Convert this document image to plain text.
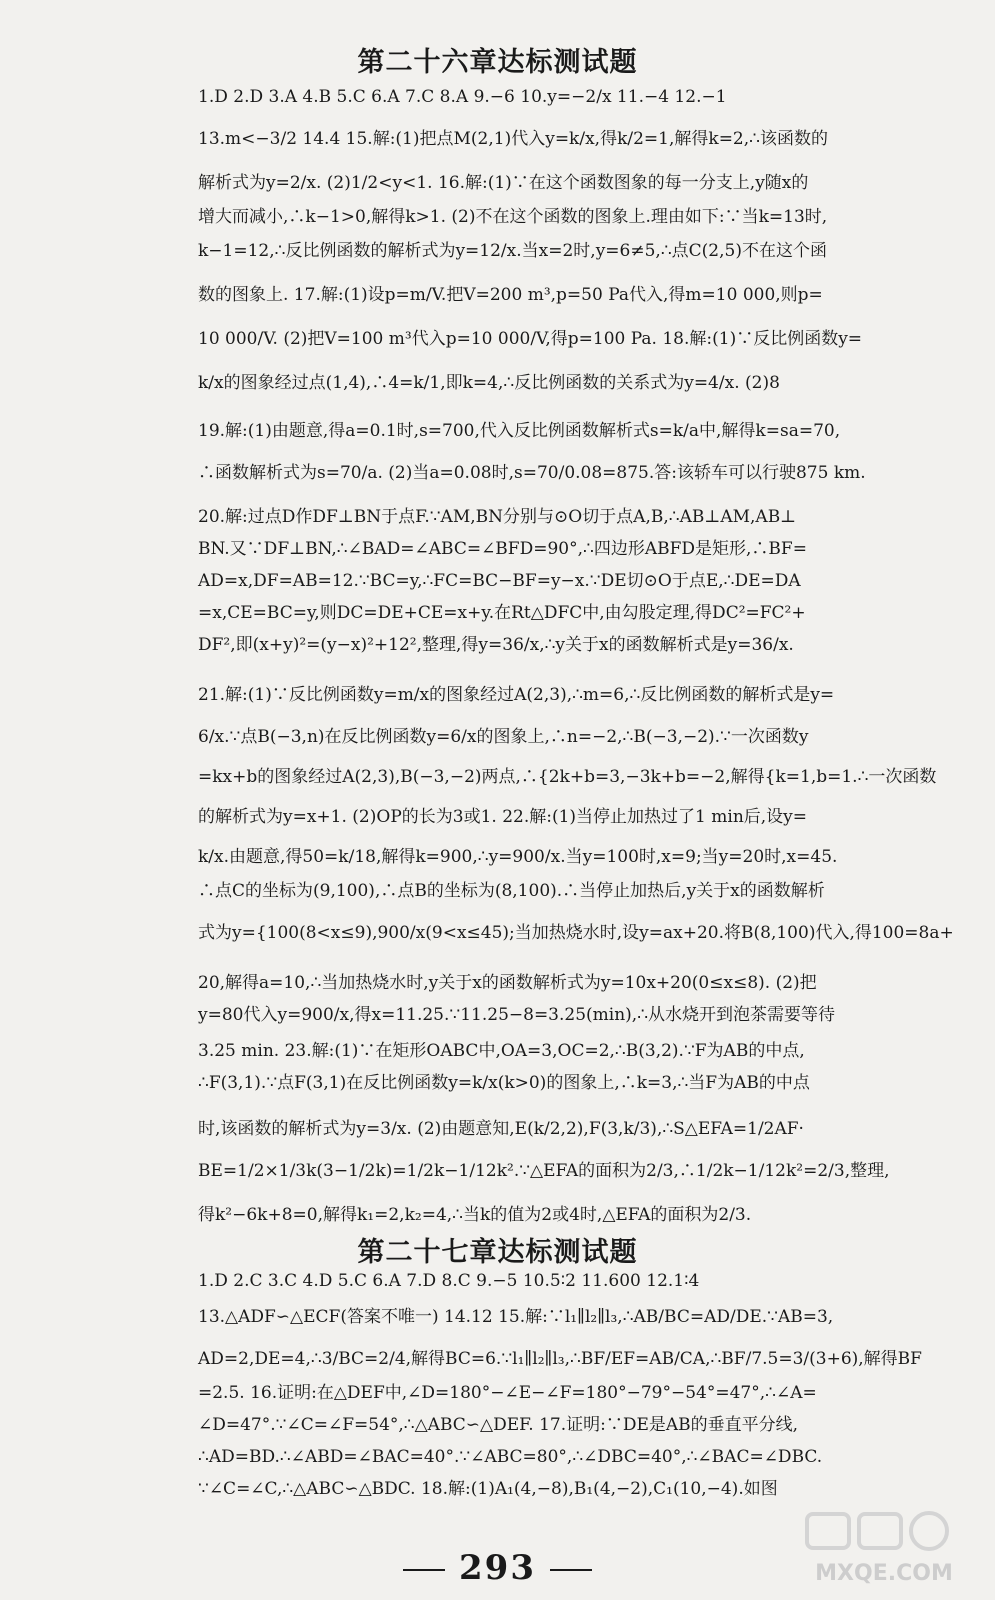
第二十六章达标测试题
1.D 2.D 3.A 4.B 5.C 6.A 7.C 8.A 9.−6 10.y=−2/x 11.−4 12.−1
13.m<−3/2 14.4 15.解:(1)把点M(2,1)代入y=k/x,得k/2=1,解得k=2,∴该函数的
解析式为y=2/x. (2)1/2<y<1. 16.解:(1)∵在这个函数图象的每一分支上,y随x的
增大而减小,∴k−1>0,解得k>1. (2)不在这个函数的图象上.理由如下:∵当k=13时,
k−1=12,∴反比例函数的解析式为y=12/x.当x=2时,y=6≠5,∴点C(2,5)不在这个函
数的图象上. 17.解:(1)设p=m/V.把V=200 m³,p=50 Pa代入,得m=10 000,则p=
10 000/V. (2)把V=100 m³代入p=10 000/V,得p=100 Pa. 18.解:(1)∵反比例函数y=
k/x的图象经过点(1,4),∴4=k/1,即k=4,∴反比例函数的关系式为y=4/x. (2)8
19.解:(1)由题意,得a=0.1时,s=700,代入反比例函数解析式s=k/a中,解得k=sa=70,
∴函数解析式为s=70/a. (2)当a=0.08时,s=70/0.08=875.答:该轿车可以行驶875 km.
20.解:过点D作DF⊥BN于点F.∵AM,BN分别与⊙O切于点A,B,∴AB⊥AM,AB⊥
BN.又∵DF⊥BN,∴∠BAD=∠ABC=∠BFD=90°,∴四边形ABFD是矩形,∴BF=
AD=x,DF=AB=12.∵BC=y,∴FC=BC−BF=y−x.∵DE切⊙O于点E,∴DE=DA
=x,CE=BC=y,则DC=DE+CE=x+y.在Rt△DFC中,由勾股定理,得DC²=FC²+
DF²,即(x+y)²=(y−x)²+12²,整理,得y=36/x,∴y关于x的函数解析式是y=36/x.
21.解:(1)∵反比例函数y=m/x的图象经过A(2,3),∴m=6,∴反比例函数的解析式是y=
6/x.∵点B(−3,n)在反比例函数y=6/x的图象上,∴n=−2,∴B(−3,−2).∵一次函数y
=kx+b的图象经过A(2,3),B(−3,−2)两点,∴{2k+b=3,−3k+b=−2,解得{k=1,b=1.∴一次函数
的解析式为y=x+1. (2)OP的长为3或1. 22.解:(1)当停止加热过了1 min后,设y=
k/x.由题意,得50=k/18,解得k=900,∴y=900/x.当y=100时,x=9;当y=20时,x=45.
∴点C的坐标为(9,100),∴点B的坐标为(8,100).∴当停止加热后,y关于x的函数解析
式为y={100(8<x≤9),900/x(9<x≤45);当加热烧水时,设y=ax+20.将B(8,100)代入,得100=8a+
20,解得a=10,∴当加热烧水时,y关于x的函数解析式为y=10x+20(0≤x≤8). (2)把
y=80代入y=900/x,得x=11.25.∵11.25−8=3.25(min),∴从水烧开到泡茶需要等待
3.25 min. 23.解:(1)∵在矩形OABC中,OA=3,OC=2,∴B(3,2).∵F为AB的中点,
∴F(3,1).∵点F(3,1)在反比例函数y=k/x(k>0)的图象上,∴k=3,∴当F为AB的中点
时,该函数的解析式为y=3/x. (2)由题意知,E(k/2,2),F(3,k/3),∴S△EFA=1/2AF·
BE=1/2×1/3k(3−1/2k)=1/2k−1/12k².∵△EFA的面积为2/3,∴1/2k−1/12k²=2/3,整理,
得k²−6k+8=0,解得k₁=2,k₂=4,∴当k的值为2或4时,△EFA的面积为2/3.
第二十七章达标测试题
1.D 2.C 3.C 4.D 5.C 6.A 7.D 8.C 9.−5 10.5∶2 11.600 12.1∶4
13.△ADF∽△ECF(答案不唯一) 14.12 15.解:∵l₁∥l₂∥l₃,∴AB/BC=AD/DE.∵AB=3,
AD=2,DE=4,∴3/BC=2/4,解得BC=6.∵l₁∥l₂∥l₃,∴BF/EF=AB/CA,∴BF/7.5=3/(3+6),解得BF
=2.5. 16.证明:在△DEF中,∠D=180°−∠E−∠F=180°−79°−54°=47°,∴∠A=
∠D=47°.∵∠C=∠F=54°,∴△ABC∽△DEF. 17.证明:∵DE是AB的垂直平分线,
∴AD=BD.∴∠ABD=∠BAC=40°.∵∠ABC=80°,∴∠DBC=40°,∴∠BAC=∠DBC.
∵∠C=∠C,∴△ABC∽△BDC. 18.解:(1)A₁(4,−8),B₁(4,−2),C₁(10,−4).如图
293	MXQE.COM
